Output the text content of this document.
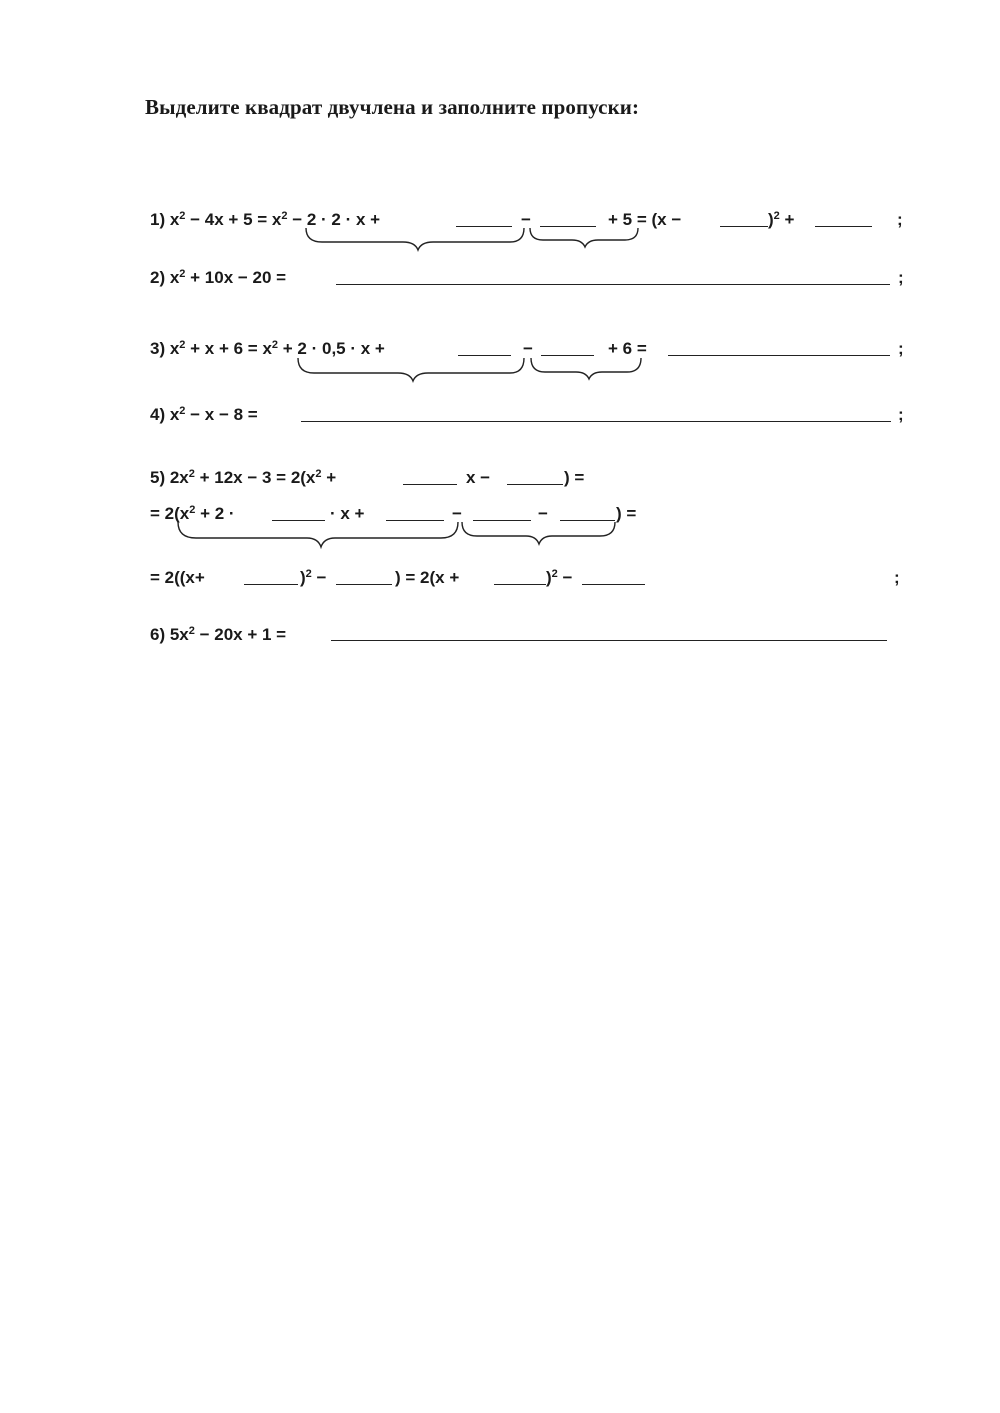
Выделите квадрат двучлена и заполните пропуски:
1) $x^2 - 4x + 5 = x^2 - 2 \cdot 2 \cdot x$ +	−	+ 5 = (x −	)$^2$ +	;
2) $x^2 + 10x - 20$ =	;
3) $x^2 + x + 6 = x^2 + 2 \cdot 0,5 \cdot x$ +	−	+ 6 =	;
4) $x^2 - x - 8$ =	;
5) $2x^2 + 12x - 3 = 2(x^2$ +	x −	) =
= $2(x^2 + 2$ ·	· x +	−	−	) =
= 2((x+	)$^2$ −	) = 2(x +	)$^2$ −	;
6) $5x^2 - 20x + 1$ =
